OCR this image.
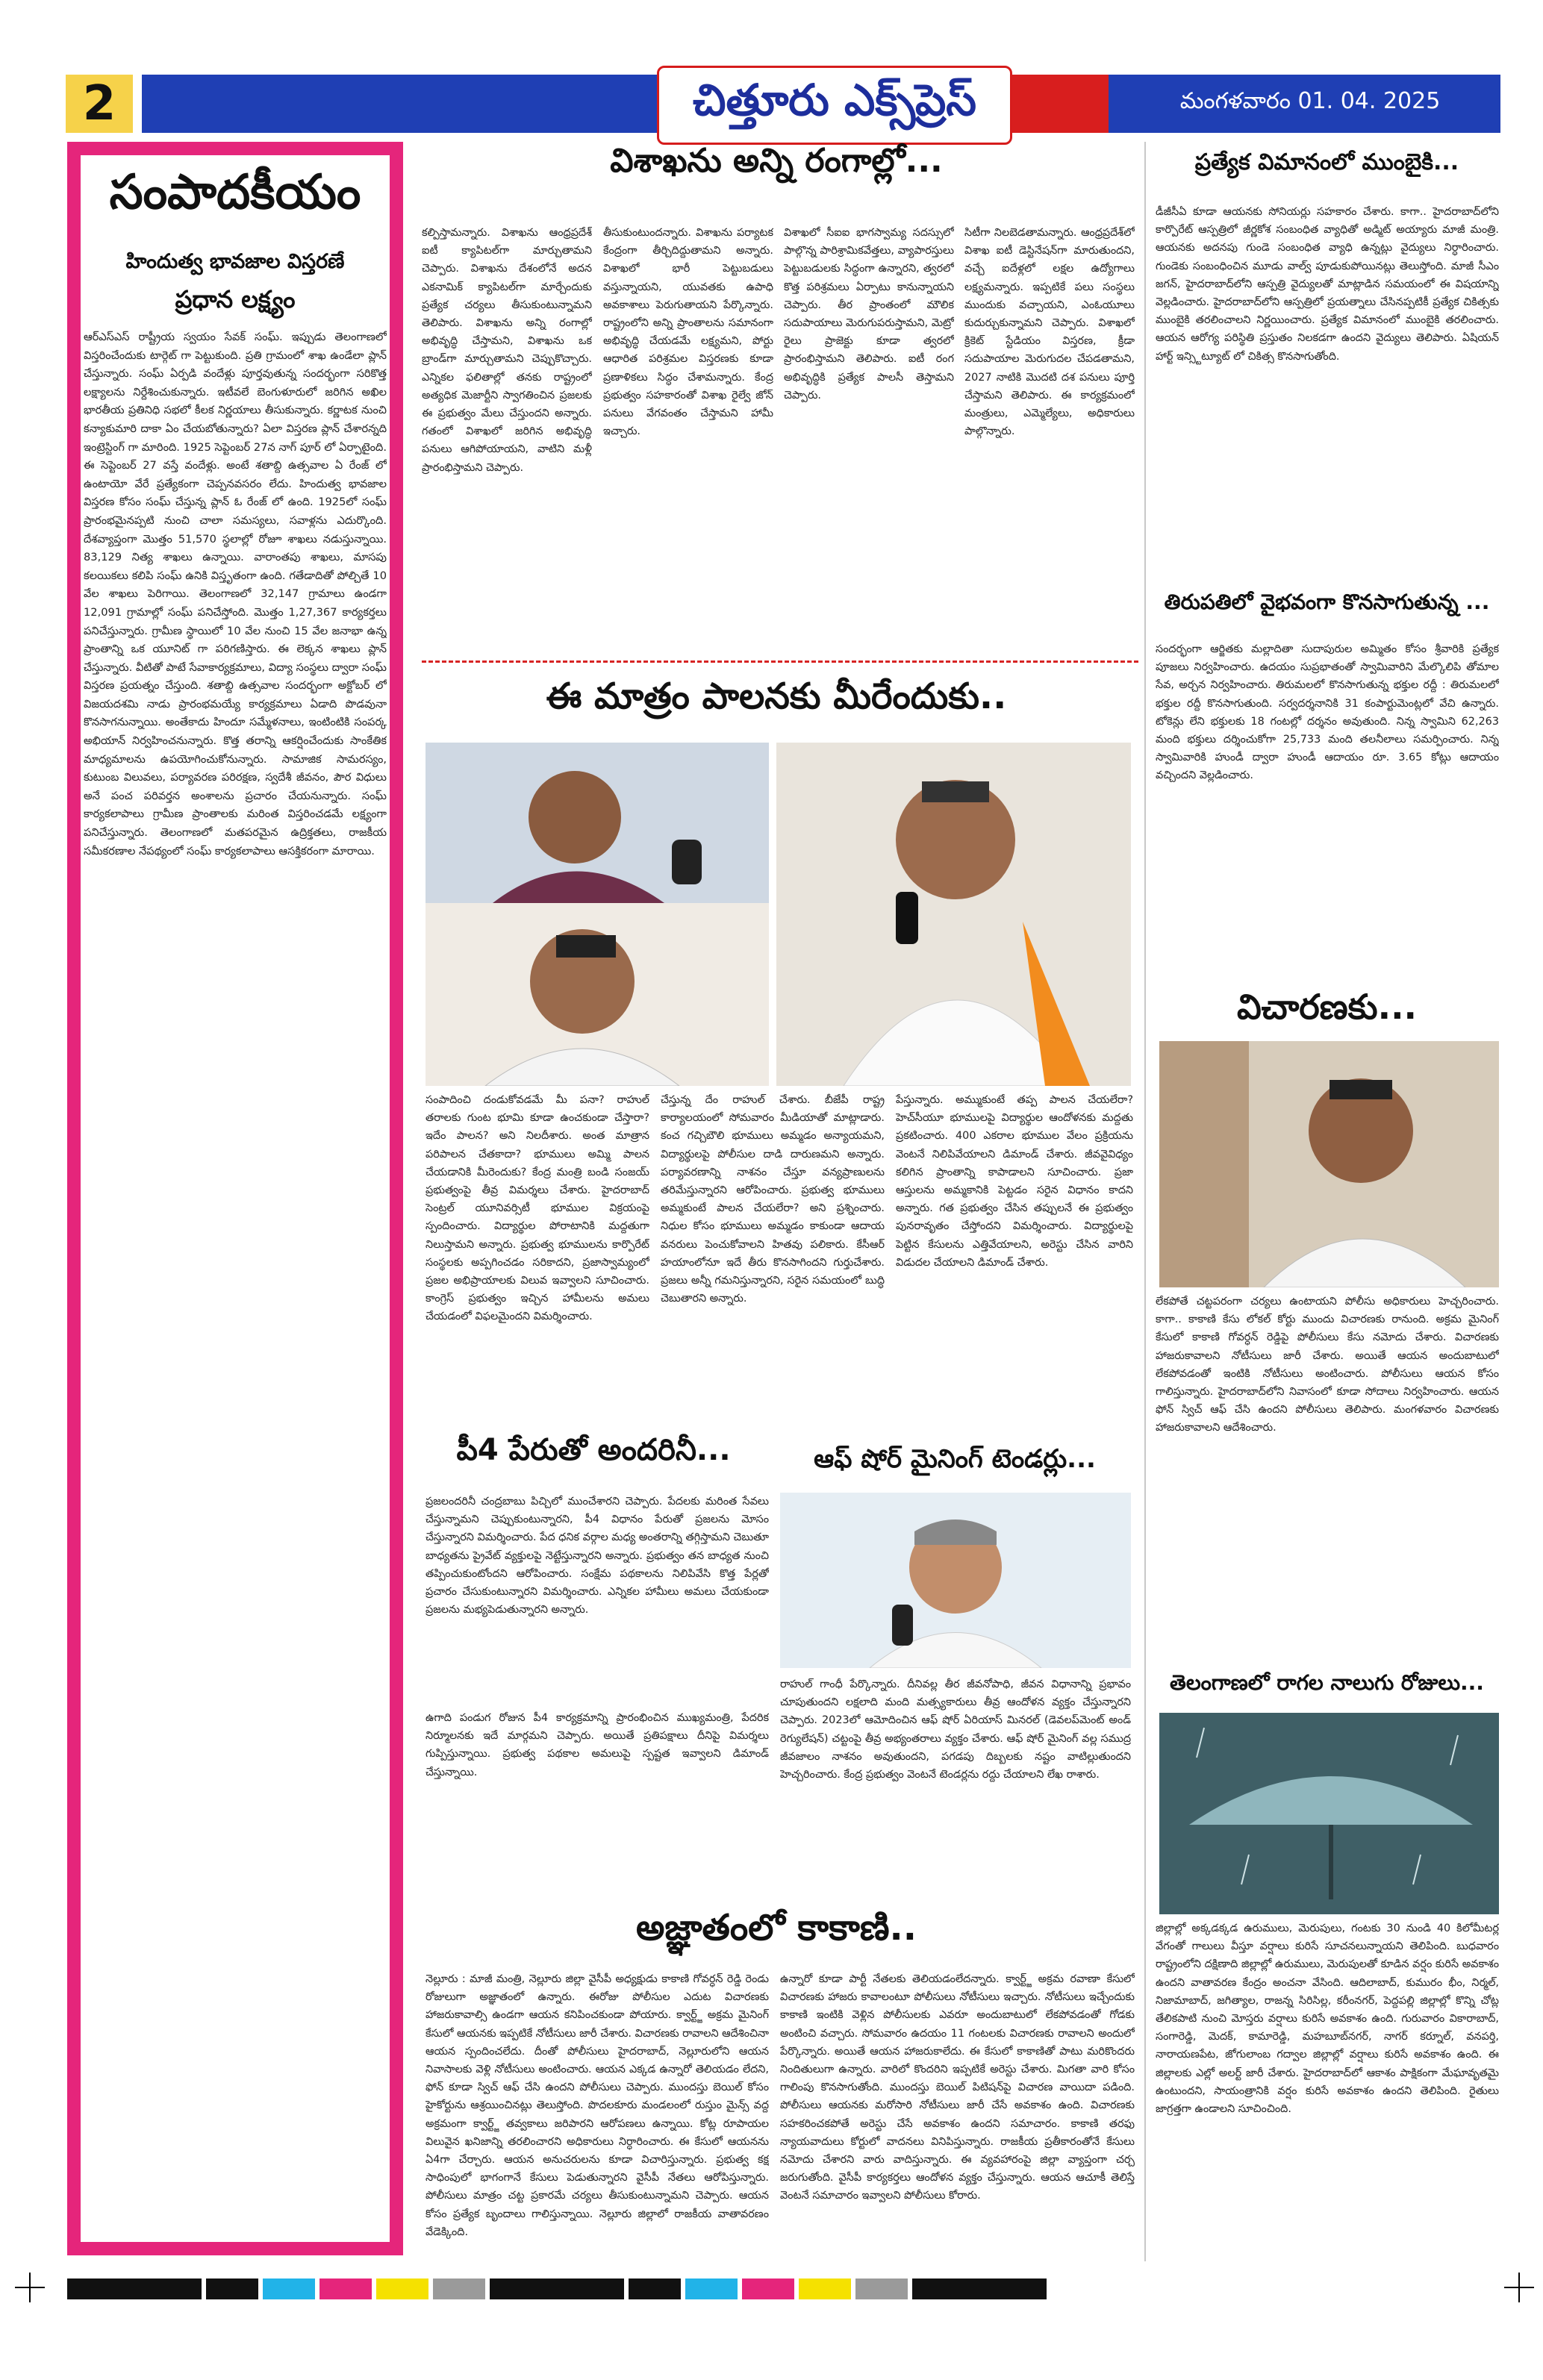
2	చిత్తూరు ఎక్స్‌ప్రెస్	మంగళవారం 01. 04. 2025
సంపాదకీయం
హిందుత్వ భావజాల విస్తరణే
ప్రధాన లక్ష్యం
ఆర్‌ఎస్‌ఎస్ రాష్ట్రీయ స్వయం సేవక్ సంఘ్. ఇప్పుడు తెలంగాణలో విస్తరించేందుకు టార్గెట్ గా పెట్టుకుంది. ప్రతి గ్రామంలో శాఖ ఉండేలా ప్లాన్ చేస్తున్నారు. సంఘ్ ఏర్పడి వందేళ్లు పూర్తవుతున్న సందర్భంగా సరికొత్త లక్ష్యాలను నిర్దేశించుకున్నారు. ఇటీవలే బెంగుళూరులో జరిగిన అఖిల భారతీయ ప్రతినిధి సభలో కీలక నిర్ణయాలు తీసుకున్నారు. కర్ణాటక నుంచి కన్యాకుమారి దాకా ఏం చేయబోతున్నారు? ఏలా విస్తరణ ప్లాన్ చేశారన్నది ఇంట్రెస్టింగ్ గా మారింది. 1925 సెప్టెంబర్ 27న నాగ్ పూర్ లో ఏర్పాటైంది. ఈ సెప్టెంబర్ 27 వస్తే వందేళ్లు. అంటే శతాబ్ది ఉత్సవాల ఏ రేంజ్ లో ఉంటాయో వేరే ప్రత్యేకంగా చెప్పనవసరం లేదు. హిందుత్వ భావజాల విస్తరణ కోసం సంఘ్ చేస్తున్న ప్లాన్ ఓ రేంజ్ లో ఉంది. 1925లో సంఘ్ ప్రారంభమైనప్పటి నుంచి చాలా సమస్యలు, సవాళ్లను ఎదుర్కొంది. దేశవ్యాప్తంగా మొత్తం 51,570 స్థలాల్లో రోజూ శాఖలు నడుస్తున్నాయి. 83,129 నిత్య శాఖలు ఉన్నాయి. వారాంతపు శాఖలు, మాసపు కలయికలు కలిపి సంఘ్ ఉనికి విస్తృతంగా ఉంది. గతేడాదితో పోల్చితే 10 వేల శాఖలు పెరిగాయి. తెలంగాణలో 32,147 గ్రామాలు ఉండగా 12,091 గ్రామాల్లో సంఘ్ పనిచేస్తోంది. మొత్తం 1,27,367 కార్యకర్తలు పనిచేస్తున్నారు. గ్రామీణ స్థాయిలో 10 వేల నుంచి 15 వేల జనాభా ఉన్న ప్రాంతాన్ని ఒక యూనిట్ గా పరిగణిస్తారు. ఈ లెక్కన శాఖలు ప్లాన్ చేస్తున్నారు. వీటితో పాటే సేవాకార్యక్రమాలు, విద్యా సంస్థలు ద్వారా సంఘ్ విస్తరణ ప్రయత్నం చేస్తుంది. శతాబ్ది ఉత్సవాల సందర్భంగా అక్టోబర్ లో విజయదశమి నాడు ప్రారంభమయ్యే కార్యక్రమాలు ఏడాది పొడవునా కొనసాగనున్నాయి. అంతేకాదు హిందూ సమ్మేళనాలు, ఇంటింటికి సంపర్క అభియాన్ నిర్వహించనున్నారు. కొత్త తరాన్ని ఆకర్షించేందుకు సాంకేతిక మాధ్యమాలను ఉపయోగించుకోనున్నారు. సామాజిక సామరస్యం, కుటుంబ విలువలు, పర్యావరణ పరిరక్షణ, స్వదేశీ జీవనం, పౌర విధులు అనే పంచ పరివర్తన అంశాలను ప్రచారం చేయనున్నారు. సంఘ్ కార్యకలాపాలు గ్రామీణ ప్రాంతాలకు మరింత విస్తరించడమే లక్ష్యంగా పనిచేస్తున్నారు. తెలంగాణలో మతపరమైన ఉద్రిక్తతలు, రాజకీయ సమీకరణాల నేపథ్యంలో సంఘ్ కార్యకలాపాలు ఆసక్తికరంగా మారాయి.
విశాఖను అన్ని రంగాల్లో...
కల్పిస్తామన్నారు. విశాఖను ఆంధ్రప్రదేశ్ ఐటీ క్యాపిటల్‌గా మార్చుతామని చెప్పారు. విశాఖను దేశంలోనే అదన ఎకనామిక్ క్యాపిటల్‌గా మార్చేందుకు ప్రత్యేక చర్యలు తీసుకుంటున్నామని తెలిపారు. విశాఖను అన్ని రంగాల్లో అభివృద్ధి చేస్తామని, విశాఖను ఒక బ్రాండ్‌గా మార్చుతామని చెప్పుకొచ్చారు. ఎన్నికల ఫలితాల్లో తనకు రాష్ట్రంలో అత్యధిక మెజార్టీని స్వాగతించిన ప్రజలకు ఈ ప్రభుత్వం మేలు చేస్తుందని అన్నారు. గతంలో విశాఖలో జరిగిన అభివృద్ధి పనులు ఆగిపోయాయని, వాటిని మళ్లీ ప్రారంభిస్తామని చెప్పారు.
తీసుకుంటుందన్నారు. విశాఖను పర్యాటక కేంద్రంగా తీర్చిదిద్దుతామని అన్నారు. విశాఖలో భారీ పెట్టుబడులు వస్తున్నాయని, యువతకు ఉపాధి అవకాశాలు పెరుగుతాయని పేర్కొన్నారు. రాష్ట్రంలోని అన్ని ప్రాంతాలను సమానంగా అభివృద్ధి చేయడమే లక్ష్యమని, పోర్టు ఆధారిత పరిశ్రమల విస్తరణకు కూడా ప్రణాళికలు సిద్ధం చేశామన్నారు. కేంద్ర ప్రభుత్వం సహకారంతో విశాఖ రైల్వే జోన్ పనులు వేగవంతం చేస్తామని హామీ ఇచ్చారు.
విశాఖలో సీఐఐ భాగస్వామ్య సదస్సులో పాల్గొన్న పారిశ్రామికవేత్తలు, వ్యాపారస్తులు పెట్టుబడులకు సిద్ధంగా ఉన్నారని, త్వరలో కొత్త పరిశ్రమలు ఏర్పాటు కానున్నాయని చెప్పారు. తీర ప్రాంతంలో మౌలిక సదుపాయాలు మెరుగుపరుస్తామని, మెట్రో రైలు ప్రాజెక్టు కూడా త్వరలో ప్రారంభిస్తామని తెలిపారు. ఐటీ రంగ అభివృద్ధికి ప్రత్యేక పాలసీ తెస్తామని చెప్పారు.
సిటీగా నిలబెడతామన్నారు. ఆంధ్రప్రదేశ్‌లో విశాఖ ఐటీ డెస్టినేషన్‌గా మారుతుందని, వచ్చే ఐదేళ్లలో లక్షల ఉద్యోగాలు లక్ష్యమన్నారు. ఇప్పటికే పలు సంస్థలు ముందుకు వచ్చాయని, ఎంఓయూలు కుదుర్చుకున్నామని చెప్పారు. విశాఖలో క్రికెట్ స్టేడియం విస్తరణ, క్రీడా సదుపాయాల మెరుగుదల చేపడతామని, 2027 నాటికి మొదటి దశ పనులు పూర్తి చేస్తామని తెలిపారు. ఈ కార్యక్రమంలో మంత్రులు, ఎమ్మెల్యేలు, అధికారులు పాల్గొన్నారు.
ప్రత్యేక విమానంలో ముంబైకి...
డీజీసీఏ కూడా ఆయనకు సోనియర్లు సహకారం చేశారు. కాగా.. హైదరాబాద్‌లోని కార్పొరేట్ ఆస్పత్రిలో జీర్ణకోశ సంబంధిత వ్యాధితో అడ్మిట్ అయ్యారు మాజీ మంత్రి. ఆయనకు అదనపు గుండె సంబంధిత వ్యాధి ఉన్నట్లు వైద్యులు నిర్ధారించారు. గుండెకు సంబంధించిన మూడు వాల్వ్ పూడుకుపోయినట్లు తెలుస్తోంది. మాజీ సీఎం జగన్, హైదరాబాద్‌లోని ఆస్పత్రి వైద్యులతో మాట్లాడిన సమయంలో ఈ విషయాన్ని వెల్లడించారు. హైదరాబాద్‌లోని ఆస్పత్రిలో ప్రయత్నాలు చేసినప్పటికీ ప్రత్యేక చికిత్సకు ముంబైకి తరలించాలని నిర్ణయించారు. ప్రత్యేక విమానంలో ముంబైకి తరలించారు. ఆయన ఆరోగ్య పరిస్థితి ప్రస్తుతం నిలకడగా ఉందని వైద్యులు తెలిపారు. ఏషియన్ హార్ట్ ఇన్స్టిట్యూట్ లో చికిత్స కొనసాగుతోంది.
తిరుపతిలో వైభవంగా కొనసాగుతున్న ...
సందర్భంగా ఆర్జితకు మల్లాదితా సుదాపురుల అమ్మితం కోసం శ్రీవారికి ప్రత్యేక పూజలు నిర్వహించారు. ఉదయం సుప్రభాతంతో స్వామివారిని మేల్కొలిపి తోమాల సేవ, అర్చన నిర్వహించారు. తిరుమలలో కొనసాగుతున్న భక్తుల రద్దీ : తిరుమలలో భక్తుల రద్దీ కొనసాగుతుంది. సర్వదర్శనానికి 31 కంపార్టుమెంట్లలో వేచి ఉన్నారు. టోకెన్లు లేని భక్తులకు 18 గంటల్లో దర్శనం అవుతుంది. నిన్న స్వామిని 62,263 మంది భక్తులు దర్శించుకోగా 25,733 మంది తలనీలాలు సమర్పించారు. నిన్న స్వామివారికి హుండీ ద్వారా హుండీ ఆదాయం రూ. 3.65 కోట్లు ఆదాయం వచ్చిందని వెల్లడించారు.
ఈ మాత్రం పాలనకు మీరేందుకు..
సంపాదించి దండుకోవడమే మీ పనా? రాహుల్ తరాలకు గుంట భూమి కూడా ఉంచకుండా చేస్తారా? ఇదేం పాలన? అని నిలదీశారు. అంత మాత్రాన పరిపాలన చేతకాదా? భూములు అమ్మి పాలన చేయడానికి మీరెందుకు? కేంద్ర మంత్రి బండి సంజయ్ ప్రభుత్వంపై తీవ్ర విమర్శలు చేశారు. హైదరాబాద్ సెంట్రల్ యూనివర్సిటీ భూముల విక్రయంపై స్పందించారు. విద్యార్థుల పోరాటానికి మద్దతుగా నిలుస్తామని అన్నారు. ప్రభుత్వ భూములను కార్పొరేట్ సంస్థలకు అప్పగించడం సరికాదని, ప్రజాస్వామ్యంలో ప్రజల అభిప్రాయాలకు విలువ ఇవ్వాలని సూచించారు. కాంగ్రెస్ ప్రభుత్వం ఇచ్చిన హామీలను అమలు చేయడంలో విఫలమైందని విమర్శించారు.
చేస్తున్న దేం రాహుల్ చేశారు. బీజేపీ రాష్ట్ర కార్యాలయంలో సోమవారం మీడియాతో మాట్లాడారు. కంచ గచ్చిబౌలి భూములు అమ్మడం అన్యాయమని, విద్యార్థులపై పోలీసుల దాడి దారుణమని అన్నారు. పర్యావరణాన్ని నాశనం చేస్తూ వన్యప్రాణులను తరిమేస్తున్నారని ఆరోపించారు. ప్రభుత్వ భూములు అమ్మకుంటే పాలన చేయలేరా? అని ప్రశ్నించారు. నిధుల కోసం భూములు అమ్మడం కాకుండా ఆదాయ వనరులు పెంచుకోవాలని హితవు పలికారు. కేసీఆర్ హయాంలోనూ ఇదే తీరు కొనసాగిందని గుర్తుచేశారు. ప్రజలు అన్నీ గమనిస్తున్నారని, సరైన సమయంలో బుద్ధి చెబుతారని అన్నారు.
పేస్తున్నారు. అమ్ముకుంటే తప్ప పాలన చేయలేరా? హెచ్‌సీయూ భూములపై విద్యార్థుల ఆందోళనకు మద్దతు ప్రకటించారు. 400 ఎకరాల భూముల వేలం ప్రక్రియను వెంటనే నిలిపివేయాలని డిమాండ్ చేశారు. జీవవైవిధ్యం కలిగిన ప్రాంతాన్ని కాపాడాలని సూచించారు. ప్రజా ఆస్తులను అమ్మకానికి పెట్టడం సరైన విధానం కాదని అన్నారు. గత ప్రభుత్వం చేసిన తప్పులనే ఈ ప్రభుత్వం పునరావృతం చేస్తోందని విమర్శించారు. విద్యార్థులపై పెట్టిన కేసులను ఎత్తివేయాలని, అరెస్టు చేసిన వారిని విడుదల చేయాలని డిమాండ్ చేశారు.
విచారణకు...
లేకపోతే చట్టపరంగా చర్యలు ఉంటాయని పోలీసు అధికారులు హెచ్చరించారు. కాగా.. కాకాణి కేసు లోకల్ కోర్టు ముందు విచారణకు రానుంది. అక్రమ మైనింగ్ కేసులో కాకాణి గోవర్ధన్ రెడ్డిపై పోలీసులు కేసు నమోదు చేశారు. విచారణకు హాజరుకావాలని నోటీసులు జారీ చేశారు. అయితే ఆయన అందుబాటులో లేకపోవడంతో ఇంటికి నోటీసులు అంటించారు. పోలీసులు ఆయన కోసం గాలిస్తున్నారు. హైదరాబాద్‌లోని నివాసంలో కూడా సోదాలు నిర్వహించారు. ఆయన ఫోన్ స్విచ్ ఆఫ్ చేసి ఉందని పోలీసులు తెలిపారు. మంగళవారం విచారణకు హాజరుకావాలని ఆదేశించారు.
పీ4 పేరుతో అందరినీ...
ప్రజలందరినీ చంద్రబాబు పిచ్చిలో ముంచేశారని చెప్పారు. పేదలకు మరింత సేవలు చేస్తున్నామని చెప్పుకుంటున్నారని, పీ4 విధానం పేరుతో ప్రజలను మోసం చేస్తున్నారని విమర్శించారు. పేద ధనిక వర్గాల మధ్య అంతరాన్ని తగ్గిస్తామని చెబుతూ బాధ్యతను ప్రైవేట్ వ్యక్తులపై నెట్టేస్తున్నారని అన్నారు. ప్రభుత్వం తన బాధ్యత నుంచి తప్పించుకుంటోందని ఆరోపించారు. సంక్షేమ పథకాలను నిలిపివేసి కొత్త పేర్లతో ప్రచారం చేసుకుంటున్నారని విమర్శించారు. ఎన్నికల హామీలు అమలు చేయకుండా ప్రజలను మభ్యపెడుతున్నారని అన్నారు.
ఆఫ్ షోర్ మైనింగ్ టెండర్లు...
రాహుల్ గాంధీ పేర్కొన్నారు. దీనివల్ల తీర జీవనోపాధి, జీవన విధానాన్ని ప్రభావం చూపుతుందని లక్షలాది మంది మత్స్యకారులు తీవ్ర ఆందోళన వ్యక్తం చేస్తున్నారని చెప్పారు. 2023లో ఆమోదించిన ఆఫ్ షోర్ ఏరియాస్ మినరల్ (డెవలప్‌మెంట్ అండ్ రెగ్యులేషన్) చట్టంపై తీవ్ర అభ్యంతరాలు వ్యక్తం చేశారు. ఆఫ్ షోర్ మైనింగ్ వల్ల సముద్ర జీవజాలం నాశనం అవుతుందని, పగడపు దిబ్బలకు నష్టం వాటిల్లుతుందని హెచ్చరించారు. కేంద్ర ప్రభుత్వం వెంటనే టెండర్లను రద్దు చేయాలని లేఖ రాశారు.
ఉగాది పండుగ రోజున పీ4 కార్యక్రమాన్ని ప్రారంభించిన ముఖ్యమంత్రి, పేదరిక నిర్మూలనకు ఇదే మార్గమని చెప్పారు. అయితే ప్రతిపక్షాలు దీనిపై విమర్శలు గుప్పిస్తున్నాయి. ప్రభుత్వ పథకాల అమలుపై స్పష్టత ఇవ్వాలని డిమాండ్ చేస్తున్నాయి.
తెలంగాణలో రాగల నాలుగు రోజులు...
జిల్లాల్లో అక్కడక్కడ ఉరుములు, మెరుపులు, గంటకు 30 నుండి 40 కిలోమీటర్ల వేగంతో గాలులు వీస్తూ వర్షాలు కురిసే సూచనలున్నాయని తెలిపింది. బుధవారం రాష్ట్రంలోని దక్షిణాది జిల్లాల్లో ఉరుములు, మెరుపులతో కూడిన వర్షం కురిసే అవకాశం ఉందని వాతావరణ కేంద్రం అంచనా వేసింది. ఆదిలాబాద్, కుమురం భీం, నిర్మల్, నిజామాబాద్, జగిత్యాల, రాజన్న సిరిసిల్ల, కరీంనగర్, పెద్దపల్లి జిల్లాల్లో కొన్ని చోట్ల తేలికపాటి నుంచి మోస్తరు వర్షాలు కురిసే అవకాశం ఉంది. గురువారం వికారాబాద్, సంగారెడ్డి, మెదక్, కామారెడ్డి, మహబూబ్‌నగర్, నాగర్ కర్నూల్, వనపర్తి, నారాయణపేట, జోగులాంబ గద్వాల జిల్లాల్లో వర్షాలు కురిసే అవకాశం ఉంది. ఈ జిల్లాలకు ఎల్లో అలర్ట్ జారీ చేశారు. హైదరాబాద్‌లో ఆకాశం పాక్షికంగా మేఘావృతమై ఉంటుందని, సాయంత్రానికి వర్షం కురిసే అవకాశం ఉందని తెలిపింది. రైతులు జాగ్రత్తగా ఉండాలని సూచించింది.
అజ్ఞాతంలో కాకాణి..
నెల్లూరు : మాజీ మంత్రి, నెల్లూరు జిల్లా వైసీపీ అధ్యక్షుడు కాకాణి గోవర్ధన్ రెడ్డి రెండు రోజులుగా అజ్ఞాతంలో ఉన్నారు. ఈరోజు పోలీసుల ఎదుట విచారణకు హాజరుకావాల్సి ఉండగా ఆయన కనిపించకుండా పోయారు. క్వార్ట్జ్ అక్రమ మైనింగ్ కేసులో ఆయనకు ఇప్పటికే నోటీసులు జారీ చేశారు. విచారణకు రావాలని ఆదేశించినా ఆయన స్పందించలేదు. దీంతో పోలీసులు హైదరాబాద్, నెల్లూరులోని ఆయన నివాసాలకు వెళ్లి నోటీసులు అంటించారు. ఆయన ఎక్కడ ఉన్నారో తెలియడం లేదని, ఫోన్ కూడా స్విచ్ ఆఫ్ చేసి ఉందని పోలీసులు చెప్పారు. ముందస్తు బెయిల్ కోసం హైకోర్టును ఆశ్రయించినట్లు తెలుస్తోంది. పొదలకూరు మండలంలో రుస్తుం మైన్స్ వద్ద అక్రమంగా క్వార్ట్జ్ తవ్వకాలు జరిపారని ఆరోపణలు ఉన్నాయి. కోట్ల రూపాయల విలువైన ఖనిజాన్ని తరలించారని అధికారులు నిర్ధారించారు. ఈ కేసులో ఆయనను ఏ4గా చేర్చారు. ఆయన అనుచరులను కూడా విచారిస్తున్నారు. ప్రభుత్వ కక్ష సాధింపులో భాగంగానే కేసులు పెడుతున్నారని వైసీపీ నేతలు ఆరోపిస్తున్నారు. పోలీసులు మాత్రం చట్ట ప్రకారమే చర్యలు తీసుకుంటున్నామని చెప్పారు. ఆయన కోసం ప్రత్యేక బృందాలు గాలిస్తున్నాయి. నెల్లూరు జిల్లాలో రాజకీయ వాతావరణం వేడెక్కింది.
ఉన్నారో కూడా పార్టీ నేతలకు తెలియడంలేదన్నారు. క్వార్ట్జ్ అక్రమ రవాణా కేసులో విచారణకు హాజరు కావాలంటూ పోలీసులు నోటీసులు ఇచ్చారు. నోటీసులు ఇచ్చేందుకు కాకాణి ఇంటికి వెళ్లిన పోలీసులకు ఎవరూ అందుబాటులో లేకపోవడంతో గోడకు అంటించి వచ్చారు. సోమవారం ఉదయం 11 గంటలకు విచారణకు రావాలని అందులో పేర్కొన్నారు. అయితే ఆయన హాజరుకాలేదు. ఈ కేసులో కాకాణితో పాటు మరికొందరు నిందితులుగా ఉన్నారు. వారిలో కొందరిని ఇప్పటికే అరెస్టు చేశారు. మిగతా వారి కోసం గాలింపు కొనసాగుతోంది. ముందస్తు బెయిల్ పిటిషన్‌పై విచారణ వాయిదా పడింది. పోలీసులు ఆయనకు మరోసారి నోటీసులు జారీ చేసే అవకాశం ఉంది. విచారణకు సహకరించకపోతే అరెస్టు చేసే అవకాశం ఉందని సమాచారం. కాకాణి తరఫు న్యాయవాదులు కోర్టులో వాదనలు వినిపిస్తున్నారు. రాజకీయ ప్రతీకారంతోనే కేసులు నమోదు చేశారని వారు వాదిస్తున్నారు. ఈ వ్యవహారంపై జిల్లా వ్యాప్తంగా చర్చ జరుగుతోంది. వైసీపీ కార్యకర్తలు ఆందోళన వ్యక్తం చేస్తున్నారు. ఆయన ఆచూకీ తెలిస్తే వెంటనే సమాచారం ఇవ్వాలని పోలీసులు కోరారు.
